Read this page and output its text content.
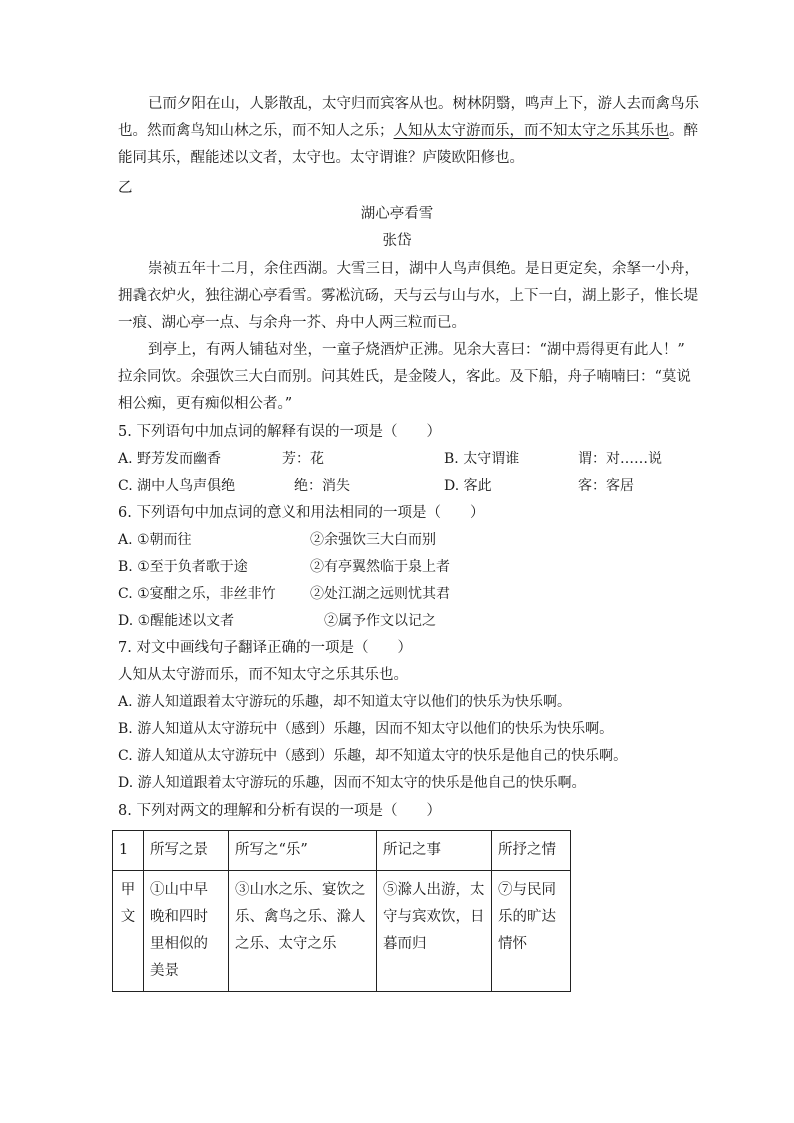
已而夕阳在山，人影散乱，太守归而宾客从也。树林阴翳，鸣声上下，游人去而禽鸟乐
也。然而禽鸟知山林之乐，而不知人之乐；人知从太守游而乐，而不知太守之乐其乐也。醉
能同其乐，醒能述以文者，太守也。太守谓谁？庐陵欧阳修也。
乙
湖心亭看雪
张岱
崇祯五年十二月，余住西湖。大雪三日，湖中人鸟声俱绝。是日更定矣，余拏一小舟，
拥毳衣炉火，独往湖心亭看雪。雾凇沆砀，天与云与山与水，上下一白，湖上影子，惟长堤
一痕、湖心亭一点、与余舟一芥、舟中人两三粒而已。
到亭上，有两人铺毡对坐，一童子烧酒炉正沸。见余大喜曰：“湖中焉得更有此人！”
拉余同饮。余强饮三大白而别。问其姓氏，是金陵人，客此。及下船，舟子喃喃曰：“莫说
相公痴，更有痴似相公者。”
5. 下列语句中加点词的解释有误的一项是（　　）
A. 野芳发而幽香	芳：花	B. 太守谓谁	谓：对……说
C. 湖中人鸟声俱绝	绝：消失	D. 客此	客：客居
6. 下列语句中加点词的意义和用法相同的一项是（　　）
A. ①朝而往	②余强饮三大白而别
B. ①至于负者歌于途	②有亭翼然临于泉上者
C. ①宴酣之乐，非丝非竹 ②处江湖之远则忧其君
D. ①醒能述以文者	②属予作文以记之
7. 对文中画线句子翻译正确的一项是（　　）
人知从太守游而乐，而不知太守之乐其乐也。
A. 游人知道跟着太守游玩的乐趣，却不知道太守以他们的快乐为快乐啊。
B. 游人知道从太守游玩中（感到）乐趣，因而不知太守以他们的快乐为快乐啊。
C. 游人知道从太守游玩中（感到）乐趣，却不知道太守的快乐是他自己的快乐啊。
D. 游人知道跟着太守游玩的乐趣，因而不知太守的快乐是他自己的快乐啊。
8. 下列对两文的理解和分析有误的一项是（　　）
1	所写之景	所写之“乐”	所记之事	所抒之情
甲文	①山中早晚和四时里相似的美景	③山水之乐、宴饮之乐、禽鸟之乐、滁人之乐、太守之乐	⑤滁人出游，太守与宾欢饮，日暮而归	⑦与民同乐的旷达情怀
